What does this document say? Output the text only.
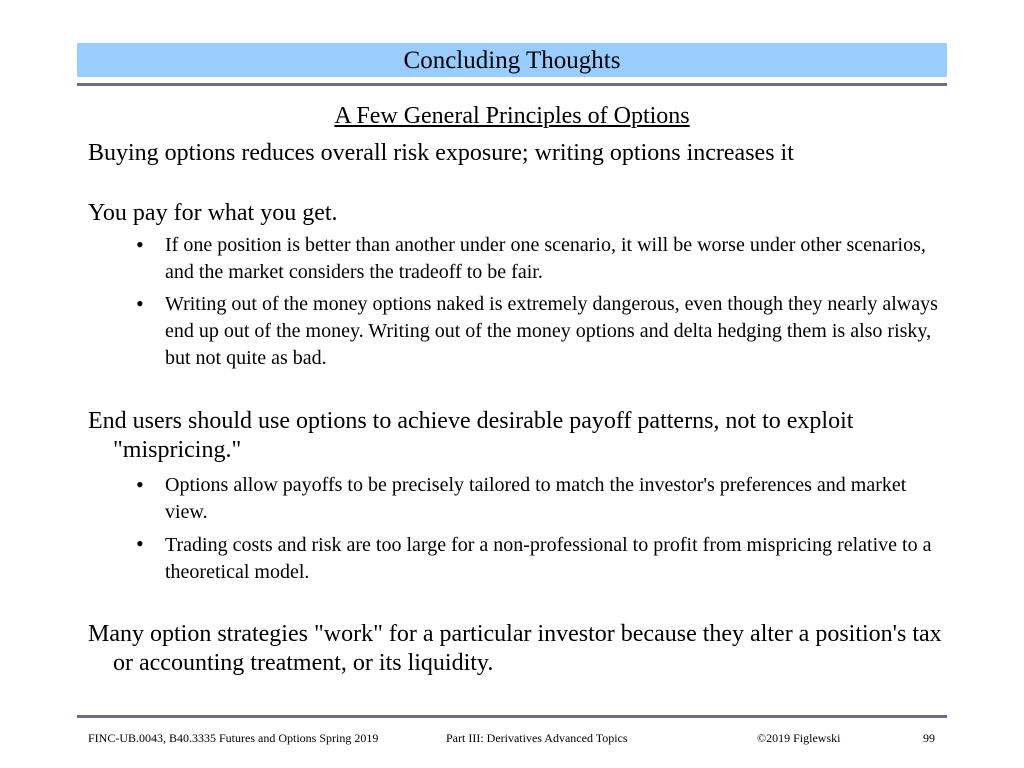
Concluding Thoughts
A Few General Principles of Options
Buying options reduces overall risk exposure; writing options increases it
You pay for what you get.
• If one position is better than another under one scenario, it will be worse under other scenarios, and the market considers the tradeoff to be fair.
• Writing out of the money options naked is extremely dangerous, even though they nearly always end up out of the money. Writing out of the money options and delta hedging them is also risky, but not quite as bad.
End users should use options to achieve desirable payoff patterns, not to exploit "mispricing."
• Options allow payoffs to be precisely tailored to match the investor's preferences and market view.
• Trading costs and risk are too large for a non-professional to profit from mispricing relative to a theoretical model.
Many option strategies "work" for a particular investor because they alter a position's tax or accounting treatment, or its liquidity.
FINC-UB.0043, B40.3335 Futures and Options Spring 2019	Part III: Derivatives Advanced Topics	©2019 Figlewski	99
